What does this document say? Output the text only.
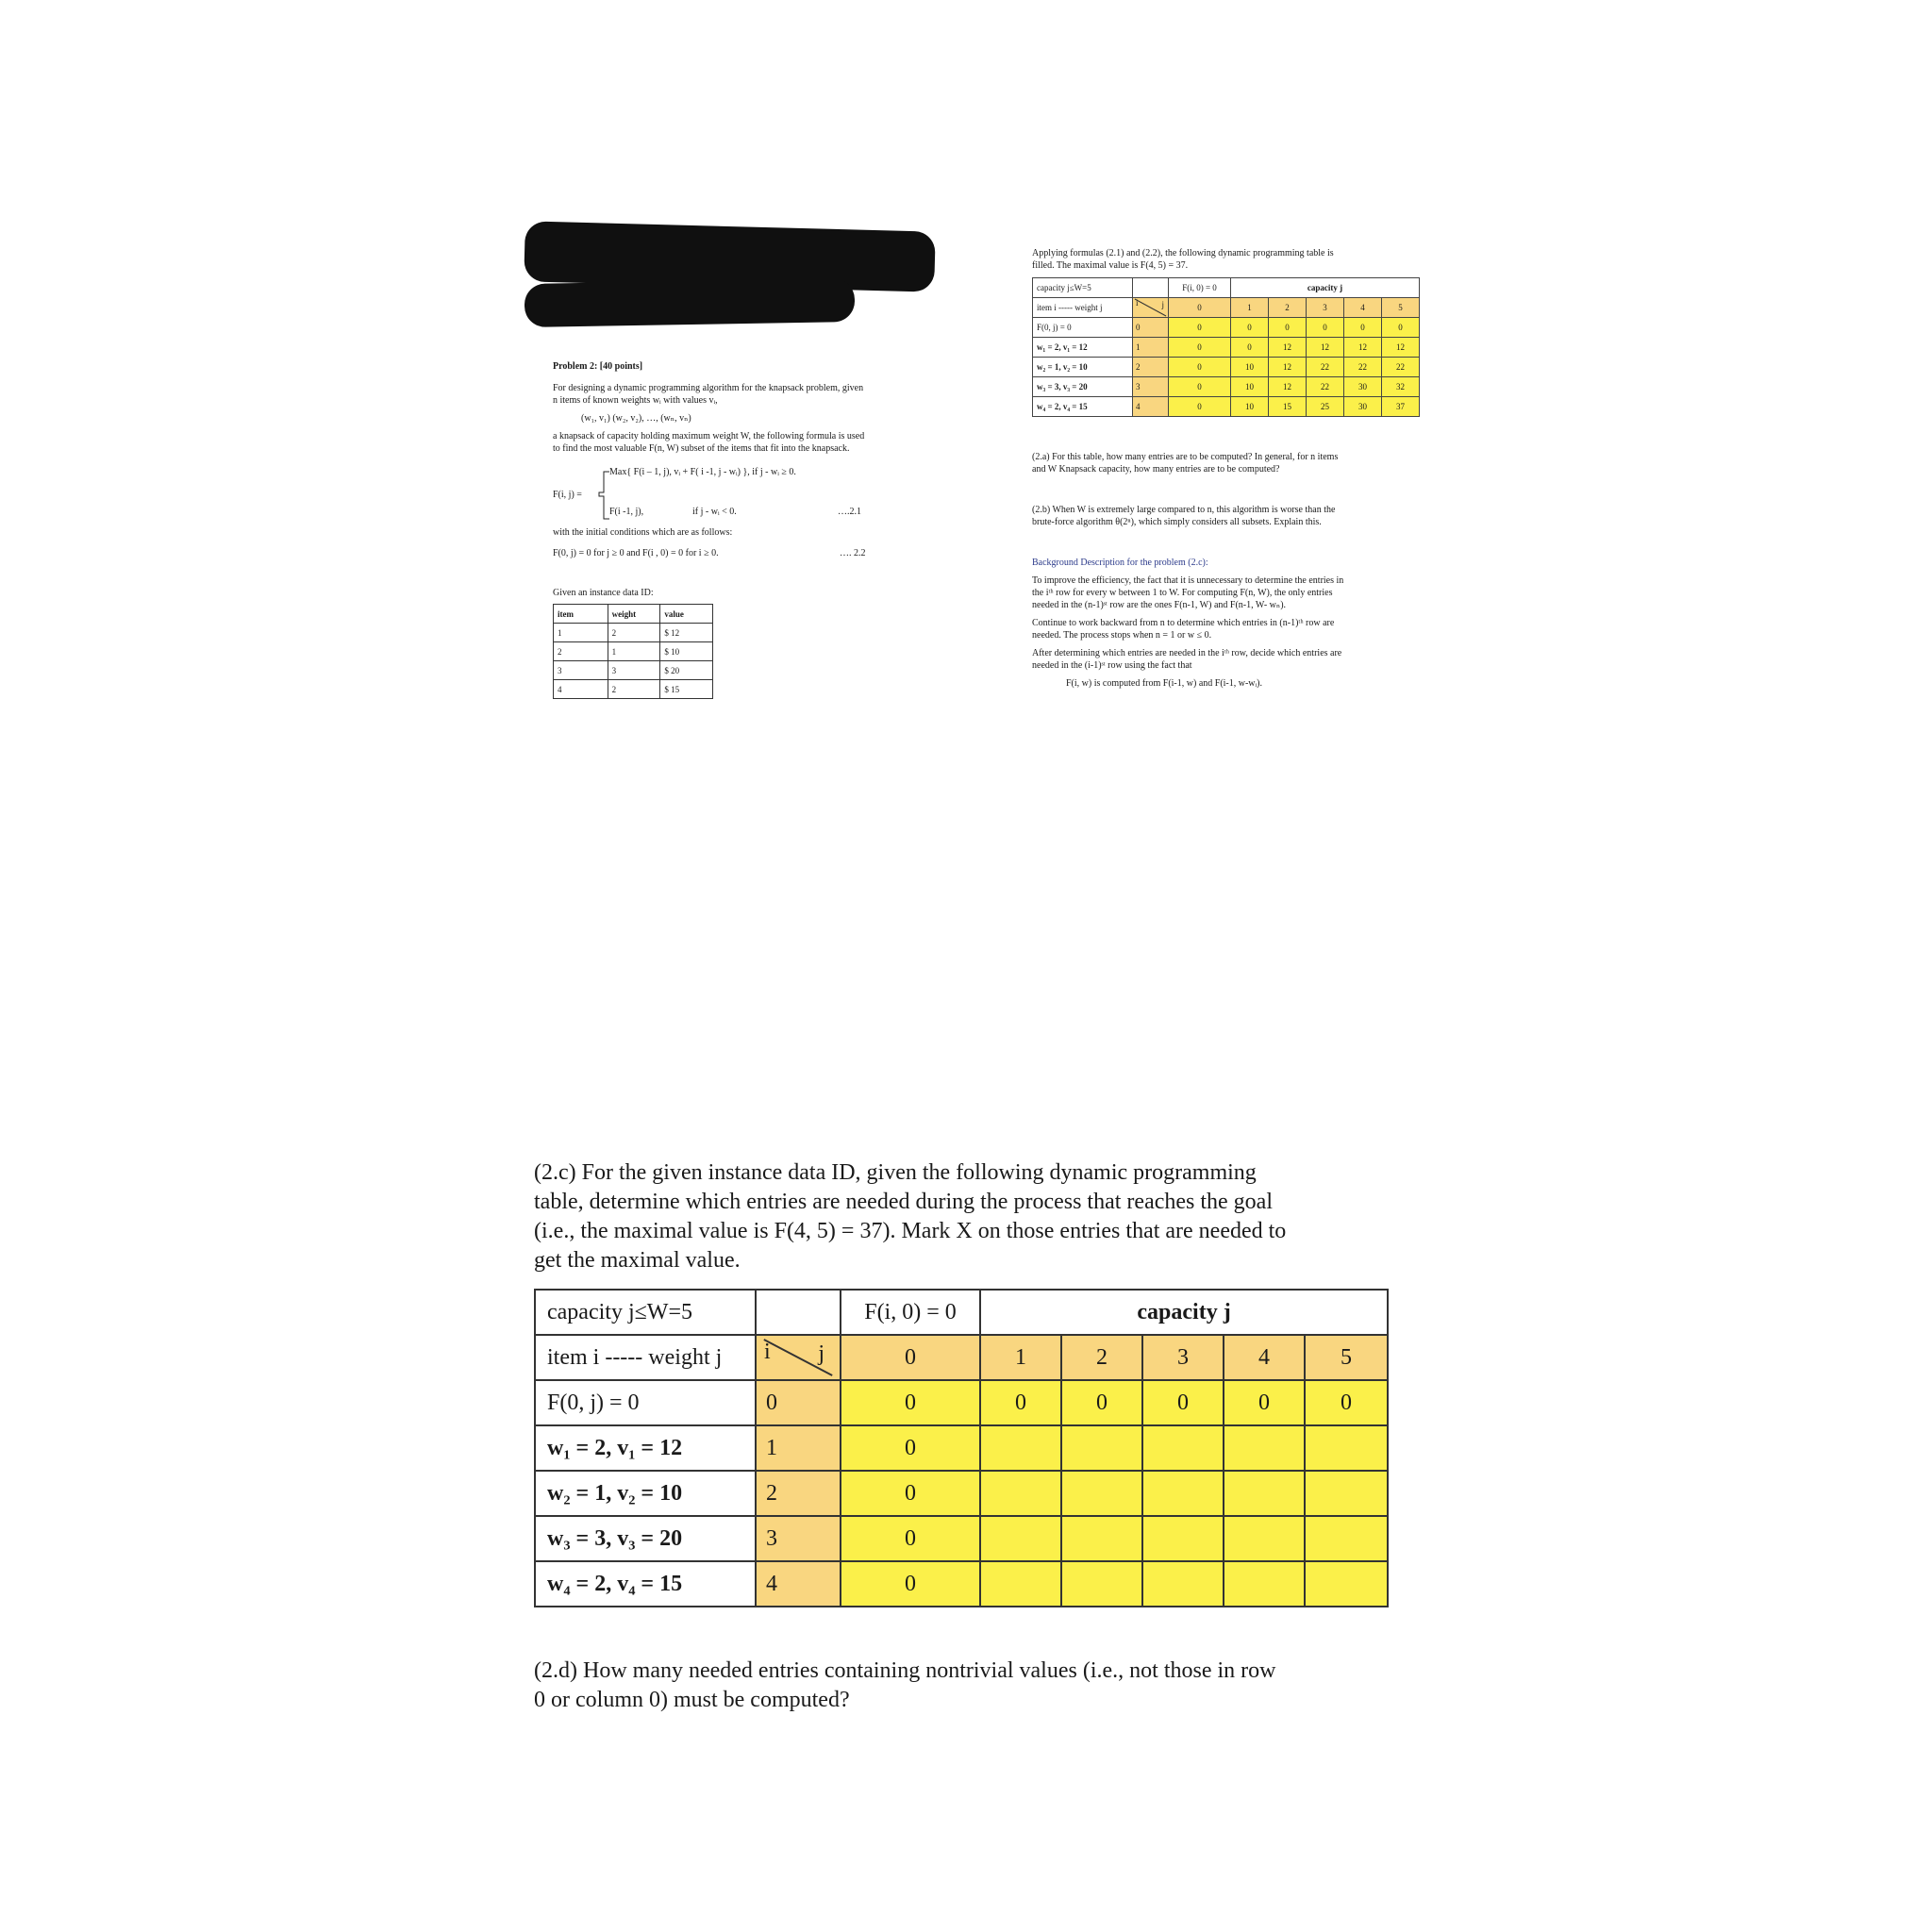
Problem 2: [40 points]

For designing a dynamic programming algorithm for the knapsack problem, given

n items of known weights wᵢ with values vᵢ,

(w₁, v₁) (w₂, v₂), …, (wₙ, vₙ)

a knapsack of capacity holding maximum weight W, the following formula is used

to find the most valuable F(n, W) subset of the items that fit into the knapsack.

F(i, j) =
Max{ F(i – 1, j), vᵢ + F( i -1, j - wᵢ) }, if j - wᵢ ≥ 0.
F(i -1, j),	if j - wᵢ < 0.	….2.1
with the initial conditions which are as follows:
F(0, j) = 0 for j ≥ 0 and F(i , 0) = 0 for i ≥ 0.	…. 2.2
Given an instance data ID:
item	weight	value
1	2	$ 12
2	1	$ 10
3	3	$ 20
4	2	$ 15

Applying formulas (2.1) and (2.2), the following dynamic programming table is

filled. The maximal value is F(4, 5) = 37.

capacity j≤W=5		F(i, 0) = 0	capacity j				
item i ----- weight j	i j	0	1	2	3	4	5
F(0, j) = 0	0	0	0	0	0	0	0
w₁ = 2, v₁ = 12	1	0	0	12	12	12	12
w₂ = 1, v₂ = 10	2	0	10	12	22	22	22
w₃ = 3, v₃ = 20	3	0	10	12	22	30	32
w₄ = 2, v₄ = 15	4	0	10	15	25	30	37

(2.a) For this table, how many entries are to be computed? In general, for n items

and W Knapsack capacity, how many entries are to be computed?

(2.b) When W is extremely large compared to n, this algorithm is worse than the

brute-force algorithm θ(2ⁿ), which simply considers all subsets. Explain this.

Background Description for the problem (2.c):

To improve the efficiency, the fact that it is unnecessary to determine the entries in

the iᵗʰ row for every w between 1 to W. For computing F(n, W), the only entries

needed in the (n-1)ˢᵗ row are the ones F(n-1, W) and F(n-1, W- wₙ).

Continue to work backward from n to determine which entries in (n-1)ᵗʰ row are

needed. The process stops when n = 1 or w ≤ 0.

After determining which entries are needed in the iᵗʰ row, decide which entries are

needed in the (i-1)ˢᵗ row using the fact that

F(i, w) is computed from F(i-1, w) and F(i-1, w-wᵢ).

(2.c) For the given instance data ID, given the following dynamic programming
table, determine which entries are needed during the process that reaches the goal
(i.e., the maximal value is F(4, 5) = 37). Mark X on those entries that are needed to
get the maximal value.
capacity j≤W=5		F(i, 0) = 0	capacity j				
item i ----- weight j	i j	0	1	2	3	4	5
F(0, j) = 0	0	0	0	0	0	0	0
w₁ = 2, v₁ = 12	1	0					
w₂ = 1, v₂ = 10	2	0					
w₃ = 3, v₃ = 20	3	0					
w₄ = 2, v₄ = 15	4	0					
(2.d) How many needed entries containing nontrivial values (i.e., not those in row
0 or column 0) must be computed?
